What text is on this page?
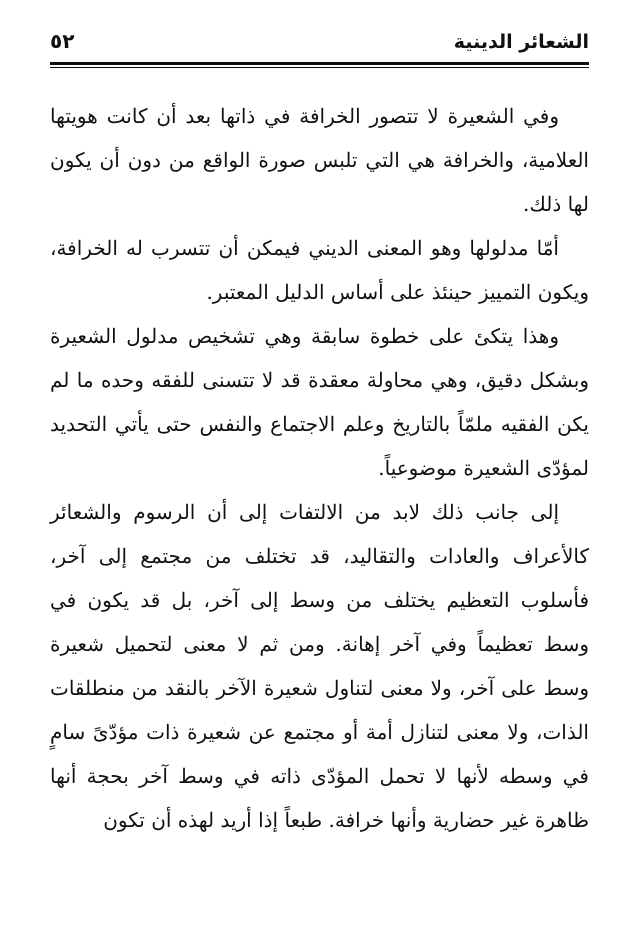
الشعائر الدينية
٥٢

وفي الشعيرة لا تتصور الخرافة في ذاتها بعد أن كانت هويتها العلامية، والخرافة هي التي تلبس صورة الواقع من دون أن يكون لها ذلك.

أمّا مدلولها وهو المعنى الديني فيمكن أن تتسرب له الخرافة، ويكون التمييز حينئذ على أساس الدليل المعتبر.

وهذا يتكئ على خطوة سابقة وهي تشخيص مدلول الشعيرة وبشكل دقيق، وهي محاولة معقدة قد لا تتسنى للفقه وحده ما لم يكن الفقيه ملمّاً بالتاريخ وعلم الاجتماع والنفس حتى يأتي التحديد لمؤدّى الشعيرة موضوعياً.

إلى جانب ذلك لابد من الالتفات إلى أن الرسوم والشعائر كالأعراف والعادات والتقاليد، قد تختلف من مجتمع إلى آخر، فأسلوب التعظيم يختلف من وسط إلى آخر، بل قد يكون في وسط تعظيماً وفي آخر إهانة. ومن ثم لا معنى لتحميل شعيرة وسط على آخر، ولا معنى لتناول شعيرة الآخر بالنقد من منطلقات الذات، ولا معنى لتنازل أمة أو مجتمع عن شعيرة ذات مؤدّىً سامٍ في وسطه لأنها لا تحمل المؤدّى ذاته في وسط آخر بحجة أنها ظاهرة غير حضارية وأنها خرافة. طبعاً إذا أريد لهذه أن تكون
